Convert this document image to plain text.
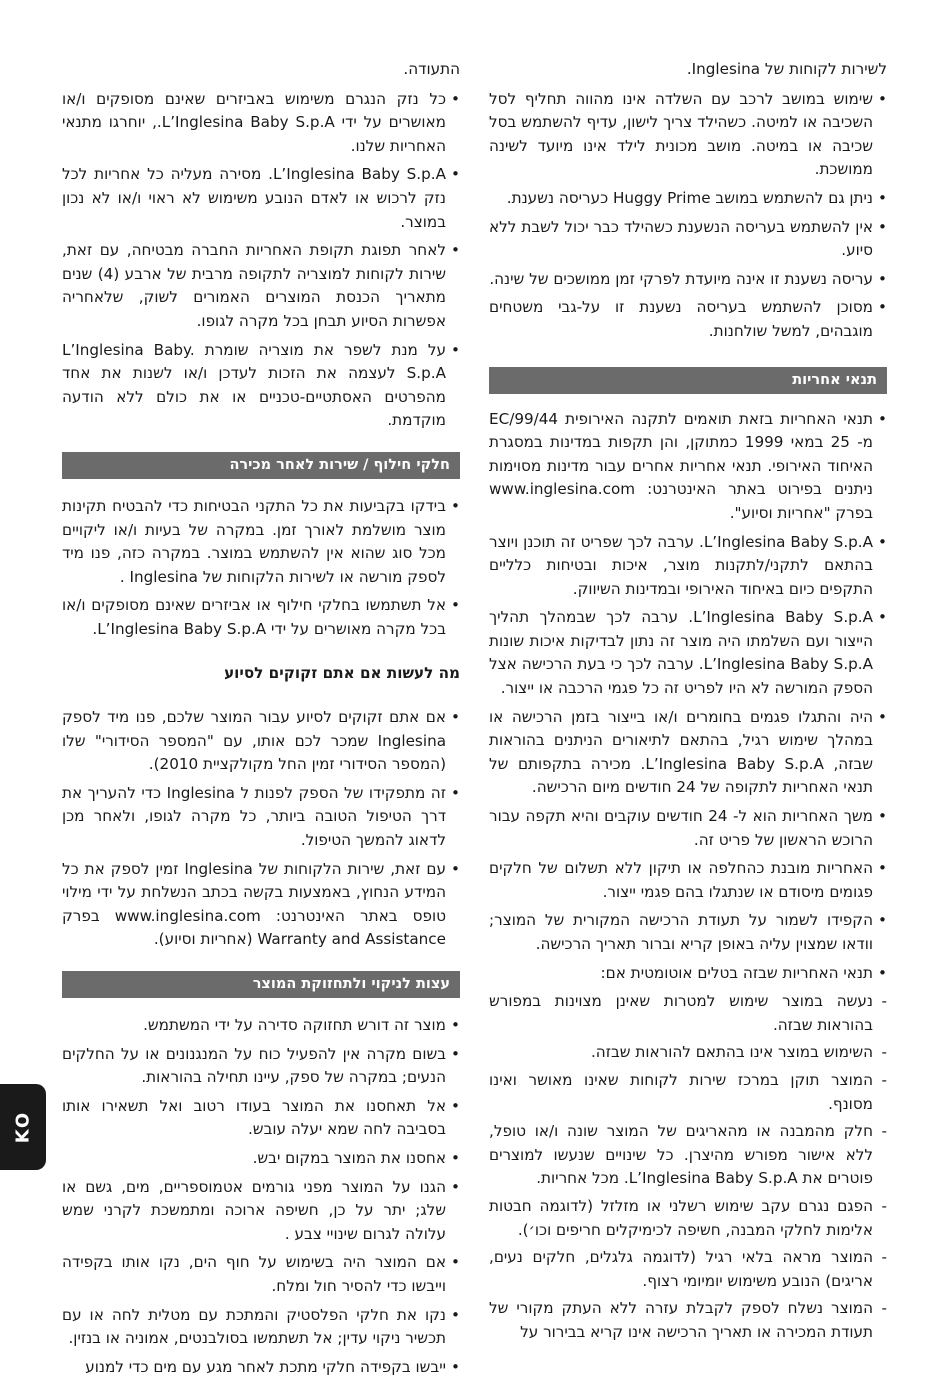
לשירות לקוחות של Inglesina.

• שימוש במושב לרכב עם השלדה אינו מהווה תחליף לסל השכיבה או למיטה. כשהילד צריך לישון, עדיף להשתמש בסל שכיבה או במיטה. מושב מכונית לילד אינו מיועד לשינה ממושכת.

• ניתן גם להשתמש במושב Huggy Prime כעריסה נשענת.

• אין להשתמש בעריסה הנשענת כשהילד כבר יכול לשבת ללא סיוע.

• עריסה נשענת זו אינה מיועדת לפרקי זמן ממושכים של שינה.

• מסוכן להשתמש בעריסה נשענת זו על-גבי משטחים מוגבהים, למשל שולחנות.

תנאי אחריות

• תנאי האחריות בזאת תואמים לתקנה האירופית EC/99/44 מ- 25 במאי 1999 כמתוקן, והן תקפות במדינות במסגרת האיחוד האירופי. תנאי אחריות אחרים עבור מדינות מסוימות ניתנים בפירוט באתר האינטרנט: www.inglesina.com בפרק "אחריות וסיוע".

• L’Inglesina Baby S.p.A. ערבה לכך שפריט זה תוכנן ויוצר בהתאם לתקני/לתקנות מוצר, איכות ובטיחות כלליים התקפים כיום באיחוד האירופי ובמדינות השיווק.

• L’Inglesina Baby S.p.A. ערבה לכך שבמהלך תהליך הייצור ועם השלמתו היה מוצר זה נתון לבדיקות איכות שונות L’Inglesina Baby S.p.A. ערבה לכך כי בעת הרכישה אצל הספק המורשה לא היו לפריט זה כל פגמי הרכבה או ייצור.

• היה והתגלו פגמים בחומרים ו/או בייצור בזמן הרכישה או במהלך שימוש רגיל, בהתאם לתיאורים הניתנים בהוראות שבזה, L’Inglesina Baby S.p.A. מכירה בתקפותם של תנאי האחריות לתקופה של 24 חודשים מיום הרכישה.

• משך האחריות הוא ל- 24 חודשים עוקבים והיא תקפה עבור הרוכש הראשון של פריט זה.

• האחריות מובנת כהחלפה או תיקון ללא תשלום של חלקים פגומים מיסודם או שנתגלו בהם פגמי ייצור.

• הקפידו לשמור על תעודת הרכישה המקורית של המוצר; וודאו שמצוין עליה באופן קריא וברור תאריך הרכישה.

• תנאי האחריות שבזה בטלים אוטומטית אם:

- נעשה במוצר שימוש למטרות שאינן מצוינות במפורש בהוראות שבזה.

- השימוש במוצר אינו בהתאם להוראות שבזה.

- המוצר תוקן במרכז שירות לקוחות שאינו מאושר ואינו מסונף.

- חלק מהמבנה או מהאריגים של המוצר שונה ו/או טופל, ללא אישור מפורש מהיצרן. כל שינויים שנעשו למוצרים פוטרים את L’Inglesina Baby S.p.A. מכל אחריות.

- הפגם נגרם עקב שימוש רשלני או מזלזל (לדוגמה חבטות אלימות לחלקי המבנה, חשיפה לכימיקלים חריפים וכו׳).

- המוצר מראה בלאי רגיל (לדוגמה גלגלים, חלקים נעים, אריגים) הנובע משימוש יומיומי רצוף.

- המוצר נשלח לספק לקבלת עזרה ללא העתק מקורי של תעודת המכירה או תאריך הרכישה אינו קריא בבירור על

התעודה.

• כל נזק הנגרם משימוש באביזרים שאינם מסופקים ו/או מאושרים על ידי L’Inglesina Baby S.p.A., יוחרגו מתנאי האחריות שלנו.

• L’Inglesina Baby S.p.A. מסירה מעליה כל אחריות לכל נזק לרכוש או לאדם הנובע משימוש לא ראוי ו/או לא נכון במוצר.

• לאחר תפוגת תקופת האחריות החברה מבטיחה, עם זאת, שירות לקוחות למוצריה לתקופה מרבית של ארבע (4) שנים מתאריך הכנסת המוצרים האמורים לשוק, שלאחריה אפשרות הסיוע תבחן בכל מקרה לגופו.

• על מנת לשפר את מוצריה שומרת L’Inglesina Baby. S.p.A לעצמה את הזכות לעדכן ו/או לשנות את אחד מהפרטים האסתטיים-טכניים או את כולם ללא הודעה מוקדמת.

חלקי חילוף / שירות לאחר מכירה

• בידקו בקביעות את כל התקני הבטיחות כדי להבטיח תקינות מוצר מושלמת לאורך זמן. במקרה של בעיות ו/או ליקויים מכל סוג שהוא אין להשתמש במוצר. במקרה כזה, פנו מיד לספק מורשה או לשירות הלקוחות של Inglesina .

• אל תשתמשו בחלקי חילוף או אביזרים שאינם מסופקים ו/או בכל מקרה מאושרים על ידי L’Inglesina Baby S.p.A.

מה לעשות אם אתם זקוקים לסיוע

• אם אתם זקוקים לסיוע עבור המוצר שלכם, פנו מיד לספק Inglesina שמכר לכם אותו, עם "המספר הסידורי" שלו (המספר הסידורי זמין החל מקולקציית 2010).

• זה מתפקידו של הספק לפנות ל Inglesina כדי להעריך את דרך הטיפול הטובה ביותר, כל מקרה לגופו, ולאחר מכן לדאוג להמשך הטיפול.

• עם זאת, שירות הלקוחות של Inglesina זמין לספק את כל המידע הנחוץ, באמצעות בקשה בכתב הנשלחת על ידי מילוי טופס באתר האינטרנט: www.inglesina.com בפרק Warranty and Assistance (אחריות וסיוע).

עצות לניקוי ולתחזוקת המוצר

• מוצר זה דורש תחזוקה סדירה על ידי המשתמש.

• בשום מקרה אין להפעיל כוח על המנגנונים או על החלקים הנעים; במקרה של ספק, עיינו תחילה בהוראות.

• אל תאחסנו את המוצר בעודו רטוב ואל תשאירו אותו בסביבה לחה שמא יעלה עובש.

• אחסנו את המוצר במקום יבש.

• הגנו על המוצר מפני גורמים אטמוספריים, מים, גשם או שלג; יתר על כן, חשיפה ארוכה ומתמשכת לקרני שמש עלולה לגרום שינויי צבע .

• אם המוצר היה בשימוש על חוף הים, נקו אותו בקפידה וייבשו כדי להסיר חול ומלח.

• נקו את חלקי הפלסטיק והמתכת עם מטלית לחה או עם תכשיר ניקוי עדין; אל תשתמשו בסולבנטים, אמוניה או בנזין.

• ייבשו בקפידה חלקי מתכת לאחר מגע עם מים כדי למנוע

KO
